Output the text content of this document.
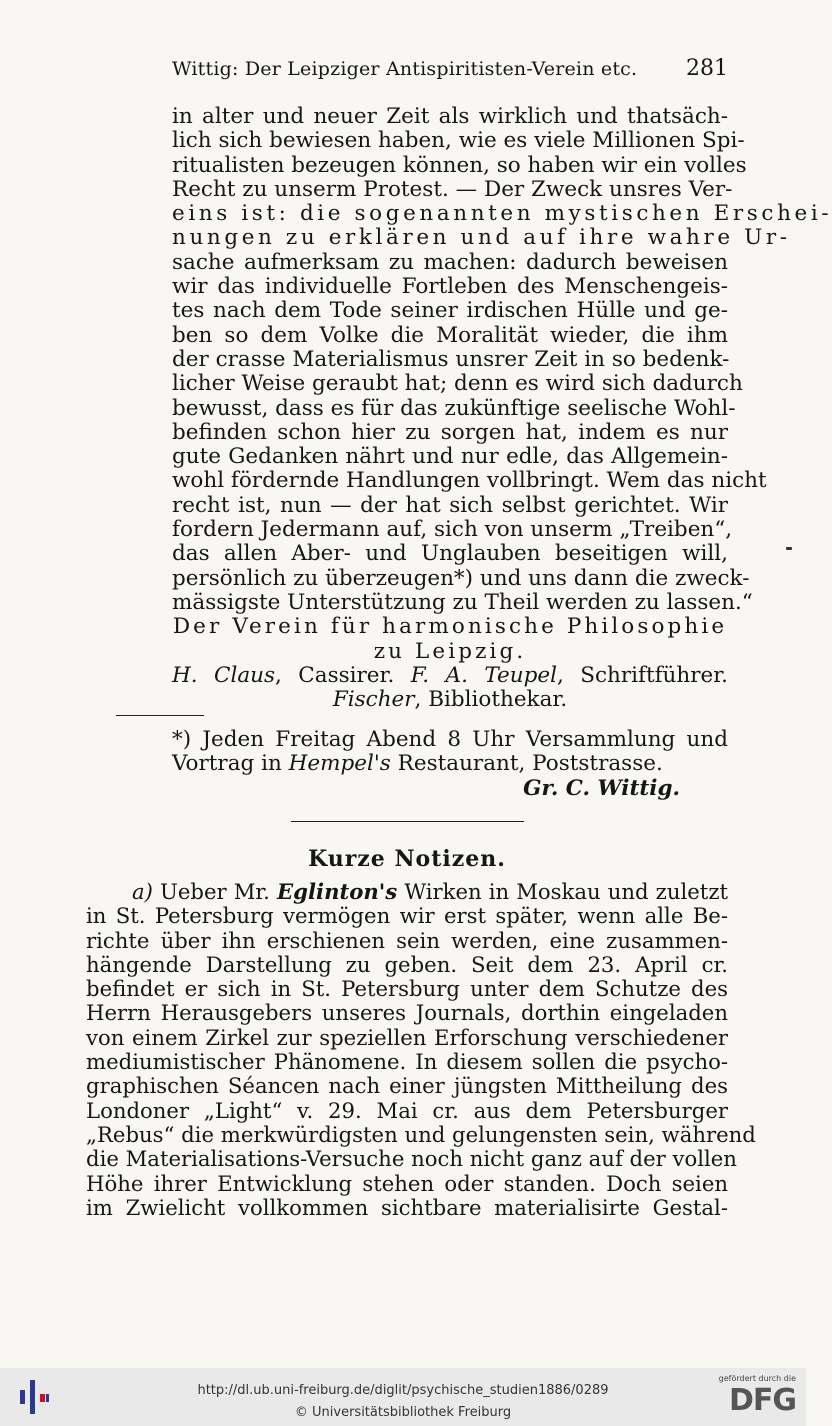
Wittig: Der Leipziger Antispiritisten-Verein etc. 281
in alter und neuer Zeit als wirklich und thatsäch-
lich sich bewiesen haben, wie es viele Millionen Spi-
ritualisten bezeugen können, so haben wir ein volles
Recht zu unserm Protest. — Der Zweck unsres Ver-
eins ist: die sogenannten mystischen Erschei-
nungen zu erklären und auf ihre wahre Ur-
sache aufmerksam zu machen: dadurch beweisen
wir das individuelle Fortleben des Menschengeis-
tes nach dem Tode seiner irdischen Hülle und ge-
ben so dem Volke die Moralität wieder, die ihm
der crasse Materialismus unsrer Zeit in so bedenk-
licher Weise geraubt hat; denn es wird sich dadurch
bewusst, dass es für das zukünftige seelische Wohl-
befinden schon hier zu sorgen hat, indem es nur
gute Gedanken nährt und nur edle, das Allgemein-
wohl fördernde Handlungen vollbringt. Wem das nicht
recht ist, nun — der hat sich selbst gerichtet. Wir
fordern Jedermann auf, sich von unserm „Treiben“,
das allen Aber- und Unglauben beseitigen will,
persönlich zu überzeugen*) und uns dann die zweck-
mässigste Unterstützung zu Theil werden zu lassen.“
Der Verein für harmonische Philosophie
zu Leipzig.
H. Claus, Cassirer. F. A. Teupel, Schriftführer.
Fischer, Bibliothekar.
*) Jeden Freitag Abend 8 Uhr Versammlung und
Vortrag in Hempel's Restaurant, Poststrasse.
Gr. C. Wittig.
Kurze Notizen.
a) Ueber Mr. Eglinton's Wirken in Moskau und zuletzt
in St. Petersburg vermögen wir erst später, wenn alle Be-
richte über ihn erschienen sein werden, eine zusammen-
hängende Darstellung zu geben. Seit dem 23. April cr.
befindet er sich in St. Petersburg unter dem Schutze des
Herrn Herausgebers unseres Journals, dorthin eingeladen
von einem Zirkel zur speziellen Erforschung verschiedener
mediumistischer Phänomene. In diesem sollen die psycho-
graphischen Séancen nach einer jüngsten Mittheilung des
Londoner „Light“ v. 29. Mai cr. aus dem Petersburger
„Rebus“ die merkwürdigsten und gelungensten sein, während
die Materialisations-Versuche noch nicht ganz auf der vollen
Höhe ihrer Entwicklung stehen oder standen. Doch seien
im Zwielicht vollkommen sichtbare materialisirte Gestal-
http://dl.ub.uni-freiburg.de/diglit/psychische_studien1886/0289
© Universitätsbibliothek Freiburg
gefördert durch die
DFG
